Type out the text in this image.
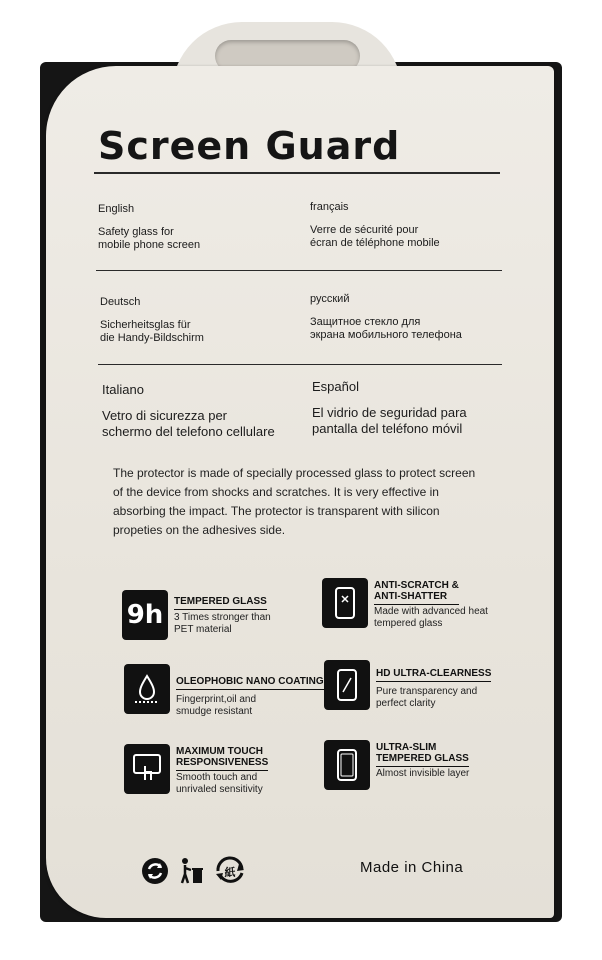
Screen Guard
English
Safety glass for
mobile phone screen
français
Verre de sécurité pour
écran de téléphone mobile
Deutsch
Sicherheitsglas für
die Handy-Bildschirm
русский
Защитное стекло для
экрана мобильного телефона
Italiano
Vetro di sicurezza per
schermo del telefono cellulare
Español
El vidrio de seguridad para
pantalla del teléfono móvil
The protector is made of specially processed glass to protect screen of the device from shocks and scratches. It is very effective in absorbing the impact. The protector is transparent with silicon propeties on the adhesives side.
9h TEMPERED GLASS
3 Times stronger than
PET material
ANTI-SCRATCH &
ANTI-SHATTER
Made with advanced heat
tempered glass
OLEOPHOBIC NANO COATING
Fingerprint,oil and
smudge resistant
HD ULTRA-CLEARNESS
Pure transparency and
perfect clarity
MAXIMUM TOUCH
RESPONSIVENESS
Smooth touch and
unrivaled sensitivity
ULTRA-SLIM
TEMPERED GLASS
Almost invisible layer
紙	Made in China
